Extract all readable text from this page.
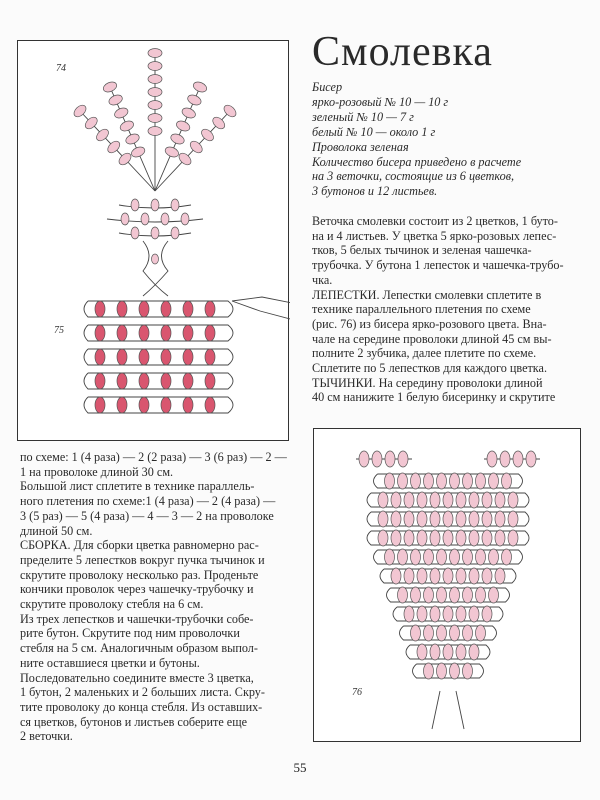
Смолевка
Бисер
ярко-розовый № 10 — 10 г
зеленый № 10 — 7 г
белый № 10 — около 1 г
Проволока зеленая
Количество бисера приведено в расчете
на 3 веточки, состоящие из 6 цветков,
3 бутонов и 12 листьев.

Веточка смолевки состоит из 2 цветков, 1 буто-

на и 4 листьев. У цветка 5 ярко-розовых лепес-

тков, 5 белых тычинок и зеленая чашечка-

трубочка. У бутона 1 лепесток и чашечка-трубо-

чка.

ЛЕПЕСТКИ. Лепестки смолевки сплетите в

технике параллельного плетения по схеме

(рис. 76) из бисера ярко-розового цвета. Вна-

чале на середине проволоки длиной 45 см вы-

полните 2 зубчика, далее плетите по схеме.

Сплетите по 5 лепестков для каждого цветка.

ТЫЧИНКИ. На середину проволоки длиной

40 см нанижите 1 белую бисеринку и скрутите

по схеме: 1 (4 раза) — 2 (2 раза) — 3 (6 раз) — 2 —

1 на проволоке длиной 30 см.

Большой лист сплетите в технике параллель-

ного плетения по схеме:1 (4 раза) — 2 (4 раза) —

3 (5 раз) — 5 (4 раза) — 4 — 3 — 2 на проволоке

длиной 50 см.

СБОРКА. Для сборки цветка равномерно рас-

пределите 5 лепестков вокруг пучка тычинок и

скрутите проволоку несколько раз. Проденьте

кончики проволок через чашечку-трубочку и

скрутите проволоку стебля на 6 см.

Из трех лепестков и чашечки-трубочки собе-

рите бутон. Скрутите под ним проволочки

стебля на 5 см. Аналогичным образом выпол-

ните оставшиеся цветки и бутоны.

Последовательно соедините вместе 3 цветка,

1 бутон, 2 маленьких и 2 больших листа. Скру-

тите проволоку до конца стебля. Из оставших-

ся цветков, бутонов и листьев соберите еще

2 веточки.

74
75
76
55
